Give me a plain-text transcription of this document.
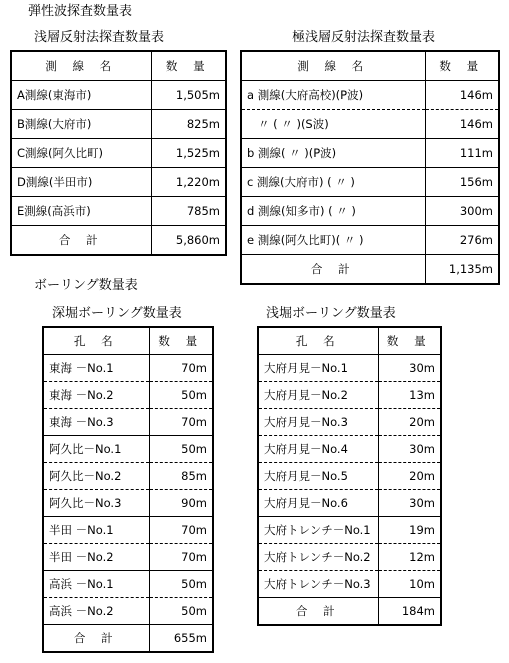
弾性波探査数量表
浅層反射法探査数量表	極浅層反射法探査数量表
ボーリング数量表
深堀ボーリング数量表	浅堀ボーリング数量表
測 線 名	数 量
A測線(東海市)	1,505m
B測線(大府市)	825m
C測線(阿久比町)	1,525m
D測線(半田市)	1,220m
E測線(高浜市)	785m
合 計	5,860m
測 線 名	数 量
a 測線(大府高校)(P波)	146m
〃 ( 〃 )(S波)	146m
b 測線( 〃 )(P波)	111m
c 測線(大府市) ( 〃 )	156m
d 測線(知多市) ( 〃 )	300m
e 測線(阿久比町)( 〃 )	276m
合 計	1,135m
孔 名	数 量
東海 －No.1	70m
東海 －No.2	50m
東海 －No.3	70m
阿久比－No.1	50m
阿久比－No.2	85m
阿久比－No.3	90m
半田 －No.1	70m
半田 －No.2	70m
高浜 －No.1	50m
高浜 －No.2	50m
合 計	655m
孔 名	数 量
大府月見－No.1	30m
大府月見－No.2	13m
大府月見－No.3	20m
大府月見－No.4	30m
大府月見－No.5	20m
大府月見－No.6	30m
大府トレンチ－No.1	19m
大府トレンチ－No.2	12m
大府トレンチ－No.3	10m
合 計	184m
